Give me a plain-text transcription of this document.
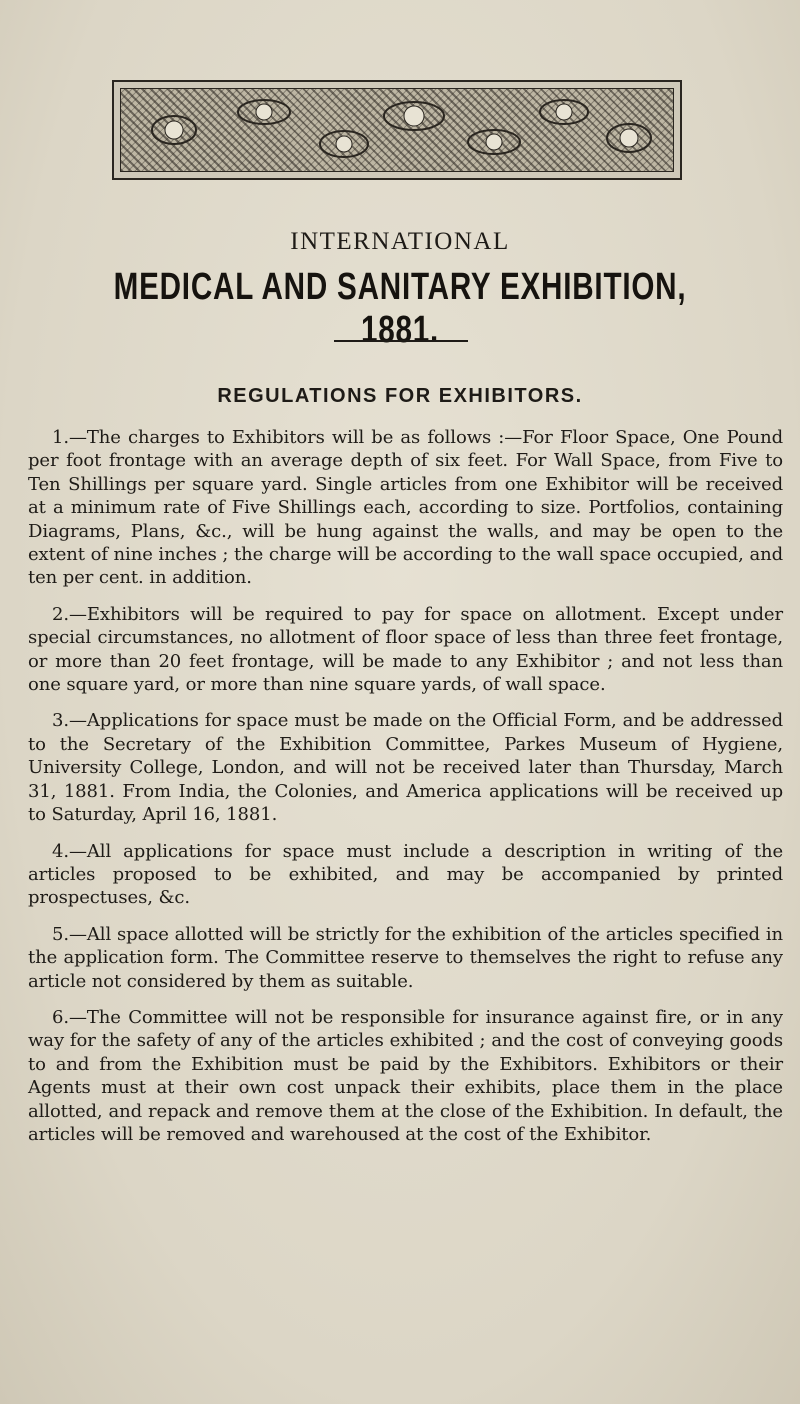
INTERNATIONAL
MEDICAL AND SANITARY EXHIBITION, 1881.
REGULATIONS FOR EXHIBITORS.

1.—The charges to Exhibitors will be as follows :—For Floor Space, One Pound per foot frontage with an average depth of six feet. For Wall Space, from Five to Ten Shillings per square yard. Single articles from one Exhibitor will be received at a minimum rate of Five Shillings each, according to size. Portfolios, containing Diagrams, Plans, &c., will be hung against the walls, and may be open to the extent of nine inches ; the charge will be according to the wall space occupied, and ten per cent. in addition.

2.—Exhibitors will be required to pay for space on allotment. Except under special circumstances, no allotment of floor space of less than three feet frontage, or more than 20 feet frontage, will be made to any Exhibitor ; and not less than one square yard, or more than nine square yards, of wall space.

3.—Applications for space must be made on the Official Form, and be addressed to the Secretary of the Exhibition Committee, Parkes Museum of Hygiene, University College, London, and will not be received later than Thursday, March 31, 1881. From India, the Colonies, and America applications will be received up to Saturday, April 16, 1881.

4.—All applications for space must include a description in writing of the articles proposed to be exhibited, and may be accompanied by printed prospectuses, &c.

5.—All space allotted will be strictly for the exhibition of the articles specified in the application form. The Committee reserve to themselves the right to refuse any article not considered by them as suitable.

6.—The Committee will not be responsible for insurance against fire, or in any way for the safety of any of the articles exhibited ; and the cost of conveying goods to and from the Exhibition must be paid by the Exhibitors. Exhibitors or their Agents must at their own cost unpack their exhibits, place them in the place allotted, and repack and remove them at the close of the Exhibition. In default, the articles will be removed and warehoused at the cost of the Exhibitor.
